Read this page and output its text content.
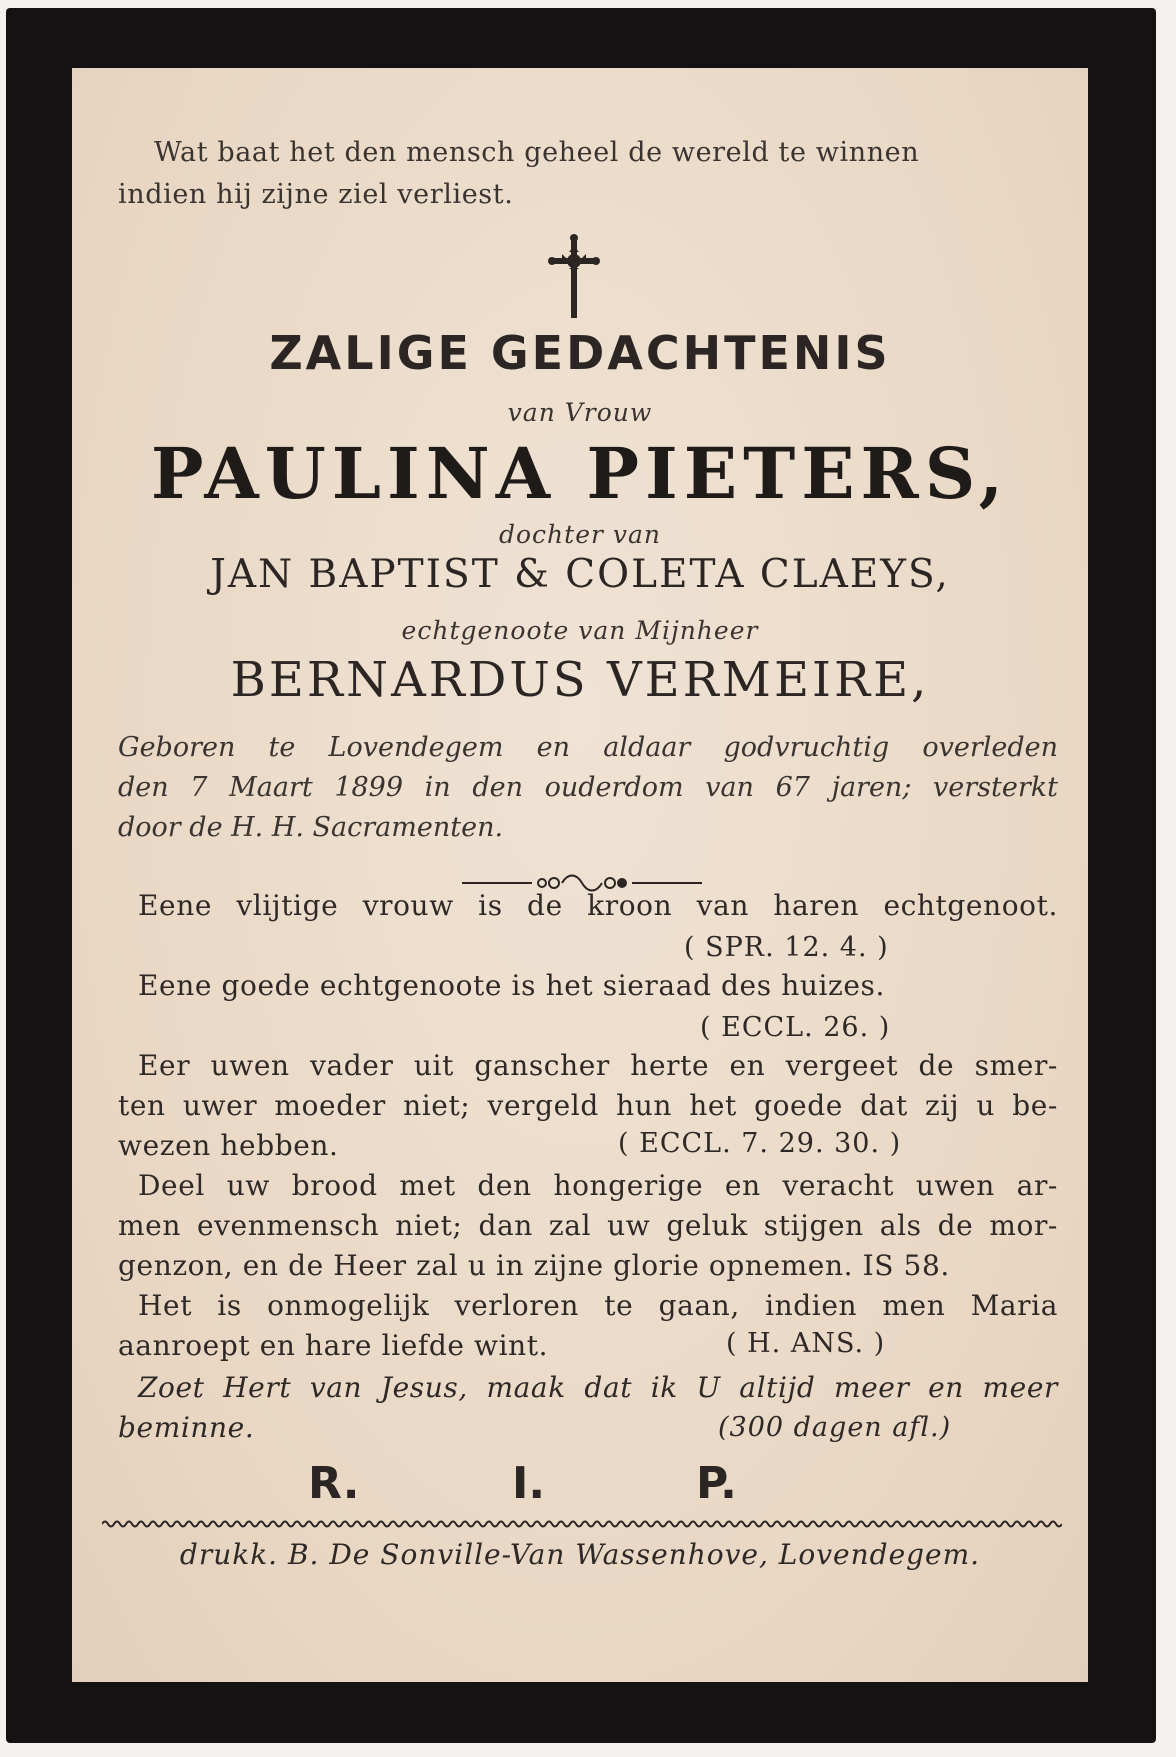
Wat baat het den mensch geheel de wereld te winnen
indien hij zijne ziel verliest.
ZALIGE GEDACHTENIS
van Vrouw
PAULINA PIETERS,
dochter van
JAN BAPTIST & COLETA CLAEYS,
echtgenoote van Mijnheer
BERNARDUS VERMEIRE,
Geboren te Lovendegem en aldaar godvruchtig overleden
den 7 Maart 1899 in den ouderdom van 67 jaren; versterkt
door de H. H. Sacramenten.
Eene vlijtige vrouw is de kroon van haren echtgenoot.
( SPR. 12. 4. )
Eene goede echtgenoote is het sieraad des huizes.
( ECCL. 26. )
Eer uwen vader uit ganscher herte en vergeet de smer-
ten uwer moeder niet; vergeld hun het goede dat zij u be-
wezen hebben.	( ECCL. 7. 29. 30. )
Deel uw brood met den hongerige en veracht uwen ar-
men evenmensch niet; dan zal uw geluk stijgen als de mor-
genzon, en de Heer zal u in zijne glorie opnemen. IS 58.
Het is onmogelijk verloren te gaan, indien men Maria
aanroept en hare liefde wint.	( H. ANS. )
Zoet Hert van Jesus, maak dat ik U altijd meer en meer
beminne.	(300 dagen afl.)
R.	I.	P.
drukk. B. De Sonville-Van Wassenhove, Lovendegem.
